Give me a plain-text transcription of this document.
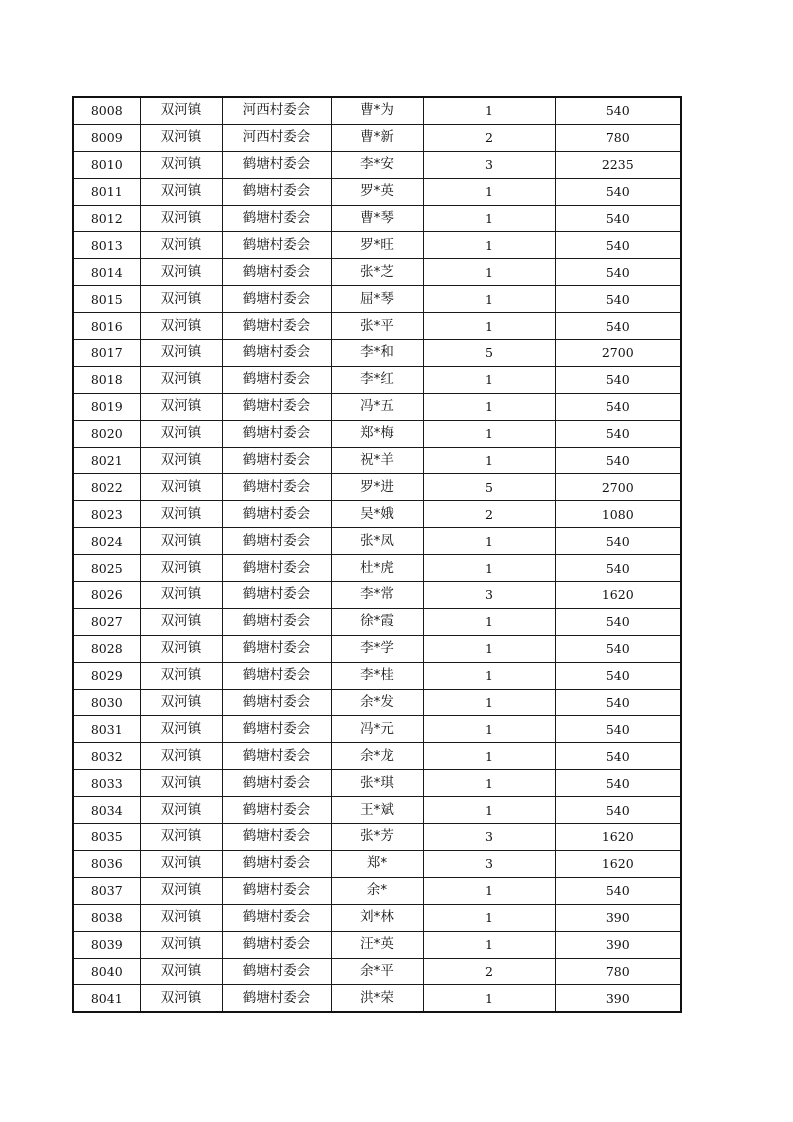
8008	双河镇	河西村委会	曹*为	1	540
8009	双河镇	河西村委会	曹*新	2	780
8010	双河镇	鹤塘村委会	李*安	3	2235
8011	双河镇	鹤塘村委会	罗*英	1	540
8012	双河镇	鹤塘村委会	曹*琴	1	540
8013	双河镇	鹤塘村委会	罗*旺	1	540
8014	双河镇	鹤塘村委会	张*芝	1	540
8015	双河镇	鹤塘村委会	屈*琴	1	540
8016	双河镇	鹤塘村委会	张*平	1	540
8017	双河镇	鹤塘村委会	李*和	5	2700
8018	双河镇	鹤塘村委会	李*红	1	540
8019	双河镇	鹤塘村委会	冯*五	1	540
8020	双河镇	鹤塘村委会	郑*梅	1	540
8021	双河镇	鹤塘村委会	祝*羊	1	540
8022	双河镇	鹤塘村委会	罗*进	5	2700
8023	双河镇	鹤塘村委会	吴*娥	2	1080
8024	双河镇	鹤塘村委会	张*凤	1	540
8025	双河镇	鹤塘村委会	杜*虎	1	540
8026	双河镇	鹤塘村委会	李*常	3	1620
8027	双河镇	鹤塘村委会	徐*霞	1	540
8028	双河镇	鹤塘村委会	李*学	1	540
8029	双河镇	鹤塘村委会	李*桂	1	540
8030	双河镇	鹤塘村委会	余*发	1	540
8031	双河镇	鹤塘村委会	冯*元	1	540
8032	双河镇	鹤塘村委会	余*龙	1	540
8033	双河镇	鹤塘村委会	张*琪	1	540
8034	双河镇	鹤塘村委会	王*斌	1	540
8035	双河镇	鹤塘村委会	张*芳	3	1620
8036	双河镇	鹤塘村委会	郑*	3	1620
8037	双河镇	鹤塘村委会	余*	1	540
8038	双河镇	鹤塘村委会	刘*林	1	390
8039	双河镇	鹤塘村委会	汪*英	1	390
8040	双河镇	鹤塘村委会	余*平	2	780
8041	双河镇	鹤塘村委会	洪*荣	1	390
